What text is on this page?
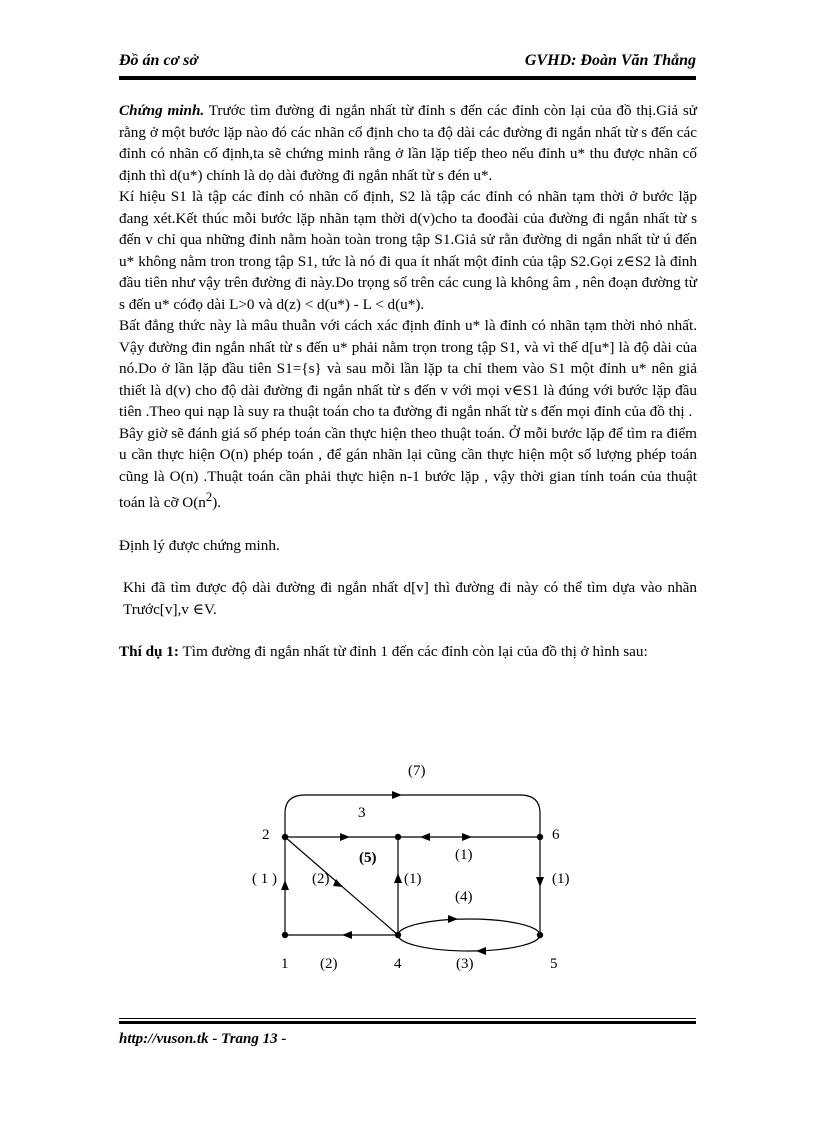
Đồ án cơ sở	GVHD: Đoàn Văn Thắng

Chứng minh. Trước tìm đường đi ngắn nhất từ đỉnh s đến các đỉnh còn lại của đồ thị.Giả sử rằng ở một bước lặp nào đó các nhãn cố định cho ta độ dài các đường đi ngắn nhất từ s đến các đỉnh có nhãn cố định,ta sẽ chứng minh rằng ở lần lặp tiếp theo nếu đỉnh u* thu được nhãn cố định thì d(u*) chính là dọ dài đường đi ngắn nhất từ s đén u*.

Kí hiệu S1 là tập các đỉnh có nhãn cố định, S2 là tập các đỉnh có nhãn tạm thời ở bước lặp đang xét.Kết thúc mỗi bước lặp nhãn tạm thời d(v)cho ta đoođài của đường đi ngắn nhất từ s đến v chỉ qua những đỉnh nằm hoàn toàn trong tập S1.Giả sử rằn đường di ngắn nhất từ ú đến u* không nằm tron trong tập S1, tức là nó đi qua ít nhất một đỉnh của tập S2.Gọi z∈S2 là đỉnh đầu tiên như vậy trên đường đi này.Do trọng số trên các cung là không âm , nên đoạn đường từ s đến u* cóđọ dài L>0 và d(z) < d(u*) - L < d(u*).

Bất đẳng thức này là mâu thuẫn với cách xác định đỉnh u* là đỉnh có nhãn tạm thời nhỏ nhất. Vậy đường đin ngắn nhất từ s đến u* phải nằm trọn trong tập S1, và vì thế d[u*] là độ dài của nó.Do ở lần lặp đầu tiên S1={s} và sau mỗi lần lặp ta chỉ them vào S1 một đỉnh u* nên giả thiết là d(v) cho độ dài đường đi ngắn nhất từ s đến v với mọi v∈S1 là đúng với bước lặp đầu tiên .Theo qui nạp là suy ra thuật toán cho ta đường đi ngắn nhất từ s đến mọi đỉnh của đồ thị .

Bây giờ sẽ đánh giá số phép toán cần thực hiện theo thuật toán. Ở mỗi bước lặp để tìm ra điểm u cần thực hiện O(n) phép toán , để gán nhãn lại cũng cần thực hiện một số lượng phép toán cũng là O(n) .Thuật toán cần phải thực hiện n-1 bước lặp , vậy thời gian tính toán của thuật toán là cỡ $O(n^2)$.

Định lý được chứng minh.

Khi đã tìm được độ dài đường đi ngắn nhất d[v] thì đường đi này có thể tìm dựa vào nhãn Trước[v],v ∈V.

Thí dụ 1: Tìm đường đi ngắn nhất từ đỉnh 1 đến các đỉnh còn lại của đồ thị ở hình sau:

(7)
3
(5)	(1)
( 1 ) (2)	(1)	(1)
(4)
(2)	(3)
2	6
1	4	5
http://vuson.tk - Trang 13 -
